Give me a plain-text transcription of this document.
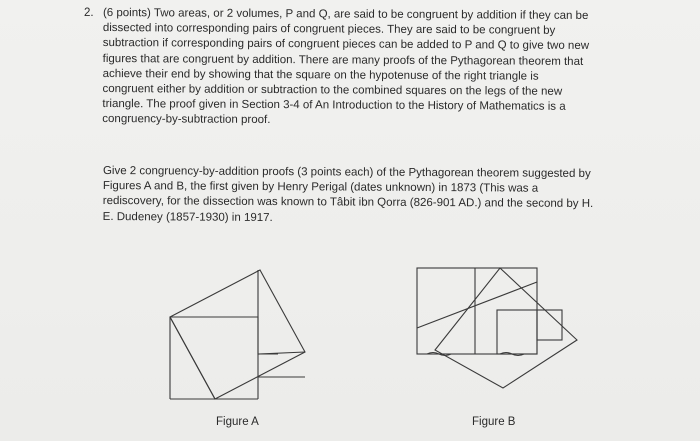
2. (6 points) Two areas, or 2 volumes, P and Q, are said to be congruent by addition if they can be
dissected into corresponding pairs of congruent pieces. They are said to be congruent by
subtraction if corresponding pairs of congruent pieces can be added to P and Q to give two new
figures that are congruent by addition. There are many proofs of the Pythagorean theorem that
achieve their end by showing that the square on the hypotenuse of the right triangle is
congruent either by addition or subtraction to the combined squares on the legs of the new
triangle. The proof given in Section 3-4 of An Introduction to the History of Mathematics is a
congruency-by-subtraction proof.
Give 2 congruency-by-addition proofs (3 points each) of the Pythagorean theorem suggested by
Figures A and B, the first given by Henry Perigal (dates unknown) in 1873 (This was a
rediscovery, for the dissection was known to Tâbit ibn Qorra (826-901 AD.) and the second by H.
E. Dudeney (1857-1930) in 1917.
Figure A	Figure B
